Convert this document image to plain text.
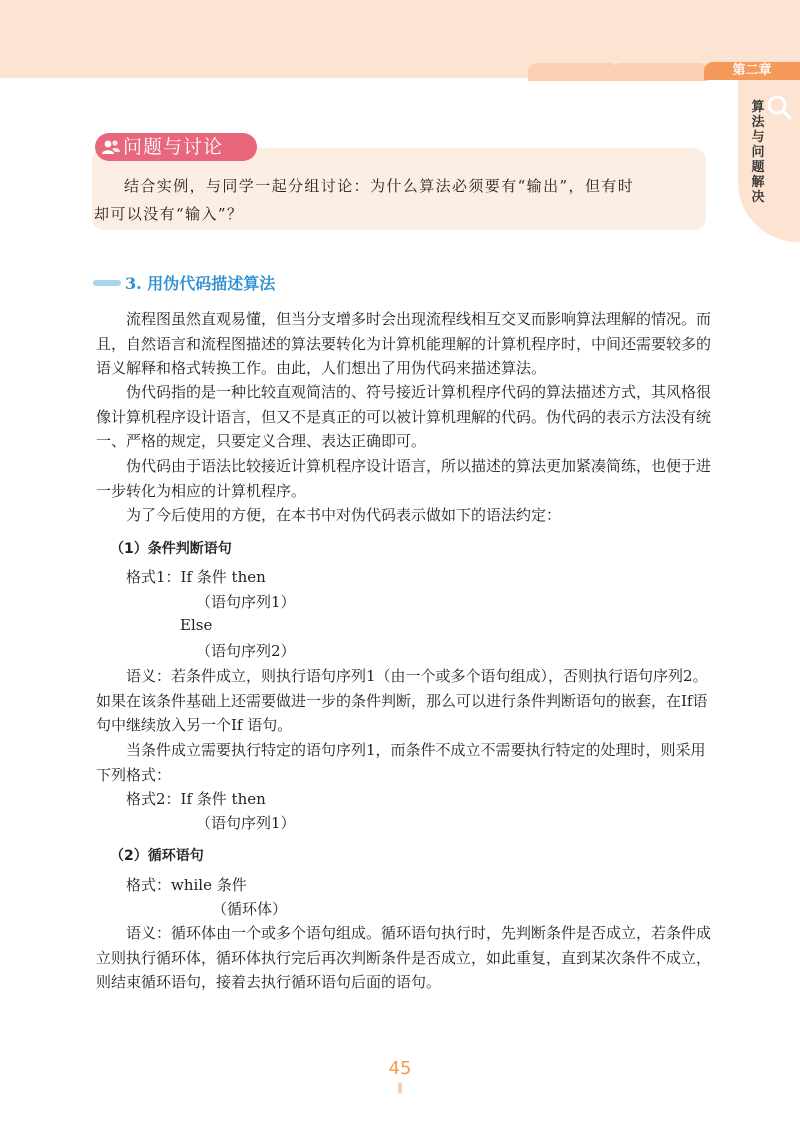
第二章
算法与问题解决
问题与讨论
结合实例，与同学一起分组讨论：为什么算法必须要有“输出”，但有时
却可以没有“输入”？
3. 用伪代码描述算法
流程图虽然直观易懂，但当分支增多时会出现流程线相互交叉而影响算法理解的情况。而且，自然语言和流程图描述的算法要转化为计算机能理解的计算机程序时，中间还需要较多的语义解释和格式转换工作。由此，人们想出了用伪代码来描述算法。
伪代码指的是一种比较直观简洁的、符号接近计算机程序代码的算法描述方式，其风格很像计算机程序设计语言，但又不是真正的可以被计算机理解的代码。伪代码的表示方法没有统一、严格的规定，只要定义合理、表达正确即可。
伪代码由于语法比较接近计算机程序设计语言，所以描述的算法更加紧凑简练，也便于进一步转化为相应的计算机程序。
为了今后使用的方便，在本书中对伪代码表示做如下的语法约定：
（1）条件判断语句
格式1：If 条件 then
（语句序列1）
Else
（语句序列2）
语义：若条件成立，则执行语句序列1（由一个或多个语句组成），否则执行语句序列2。如果在该条件基础上还需要做进一步的条件判断，那么可以进行条件判断语句的嵌套，在If语句中继续放入另一个If 语句。
当条件成立需要执行特定的语句序列1，而条件不成立不需要执行特定的处理时，则采用下列格式：
格式2：If 条件 then
（语句序列1）
（2）循环语句
格式：while 条件
（循环体）
语义：循环体由一个或多个语句组成。循环语句执行时，先判断条件是否成立，若条件成立则执行循环体，循环体执行完后再次判断条件是否成立，如此重复，直到某次条件不成立，则结束循环语句，接着去执行循环语句后面的语句。
45
